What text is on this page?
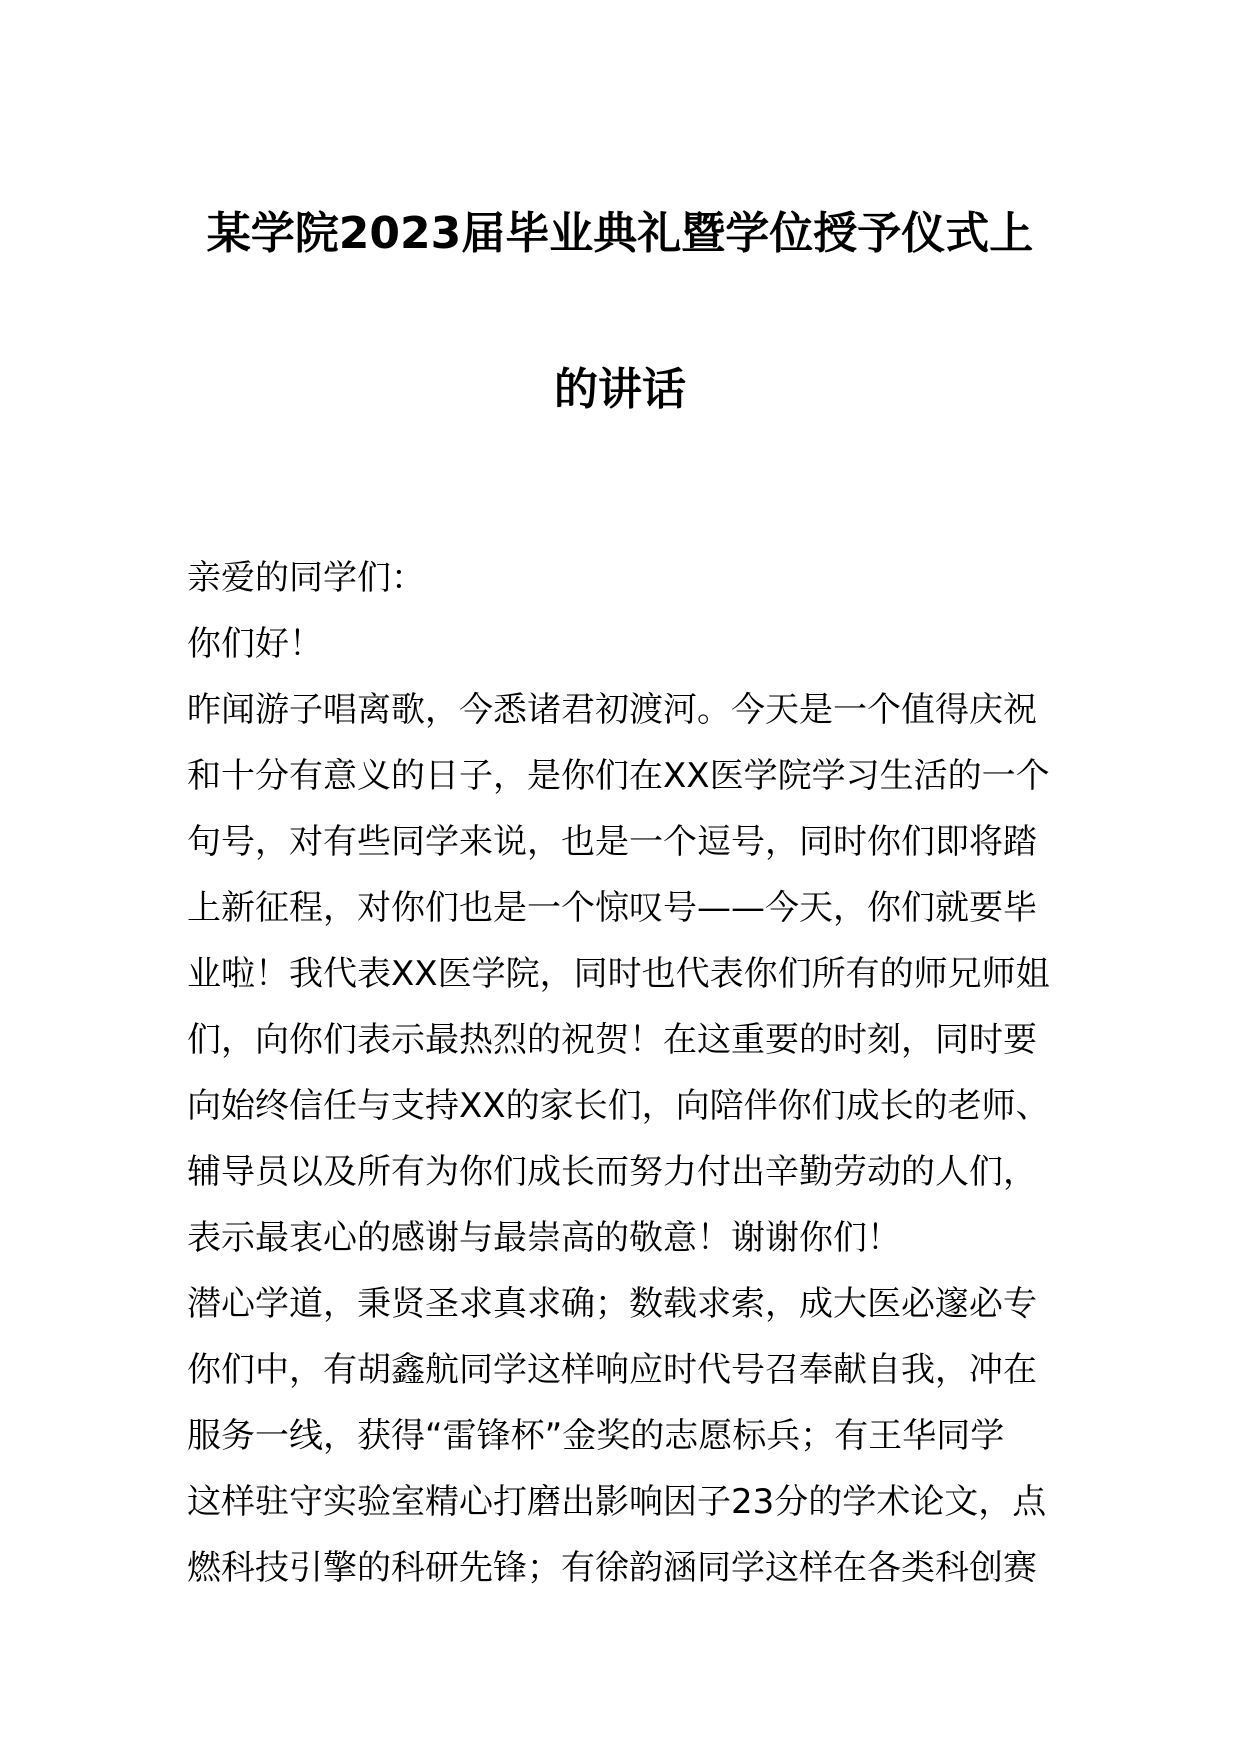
某学院2023届毕业典礼暨学位授予仪式上
的讲话
亲爱的同学们：
你们好！
昨闻游子唱离歌，今悉诸君初渡河。今天是一个值得庆祝
和十分有意义的日子，是你们在XX医学院学习生活的一个
句号，对有些同学来说，也是一个逗号，同时你们即将踏
上新征程，对你们也是一个惊叹号——今天，你们就要毕
业啦！我代表XX医学院，同时也代表你们所有的师兄师姐
们，向你们表示最热烈的祝贺！在这重要的时刻，同时要
向始终信任与支持XX的家长们，向陪伴你们成长的老师、
辅导员以及所有为你们成长而努力付出辛勤劳动的人们，
表示最衷心的感谢与最崇高的敬意！谢谢你们！
潜心学道，秉贤圣求真求确；数载求索，成大医必邃必专
你们中，有胡鑫航同学这样响应时代号召奉献自我，冲在
服务一线，获得“雷锋杯”金奖的志愿标兵；有王华同学
这样驻守实验室精心打磨出影响因子23分的学术论文，点
燃科技引擎的科研先锋；有徐韵涵同学这样在各类科创赛
